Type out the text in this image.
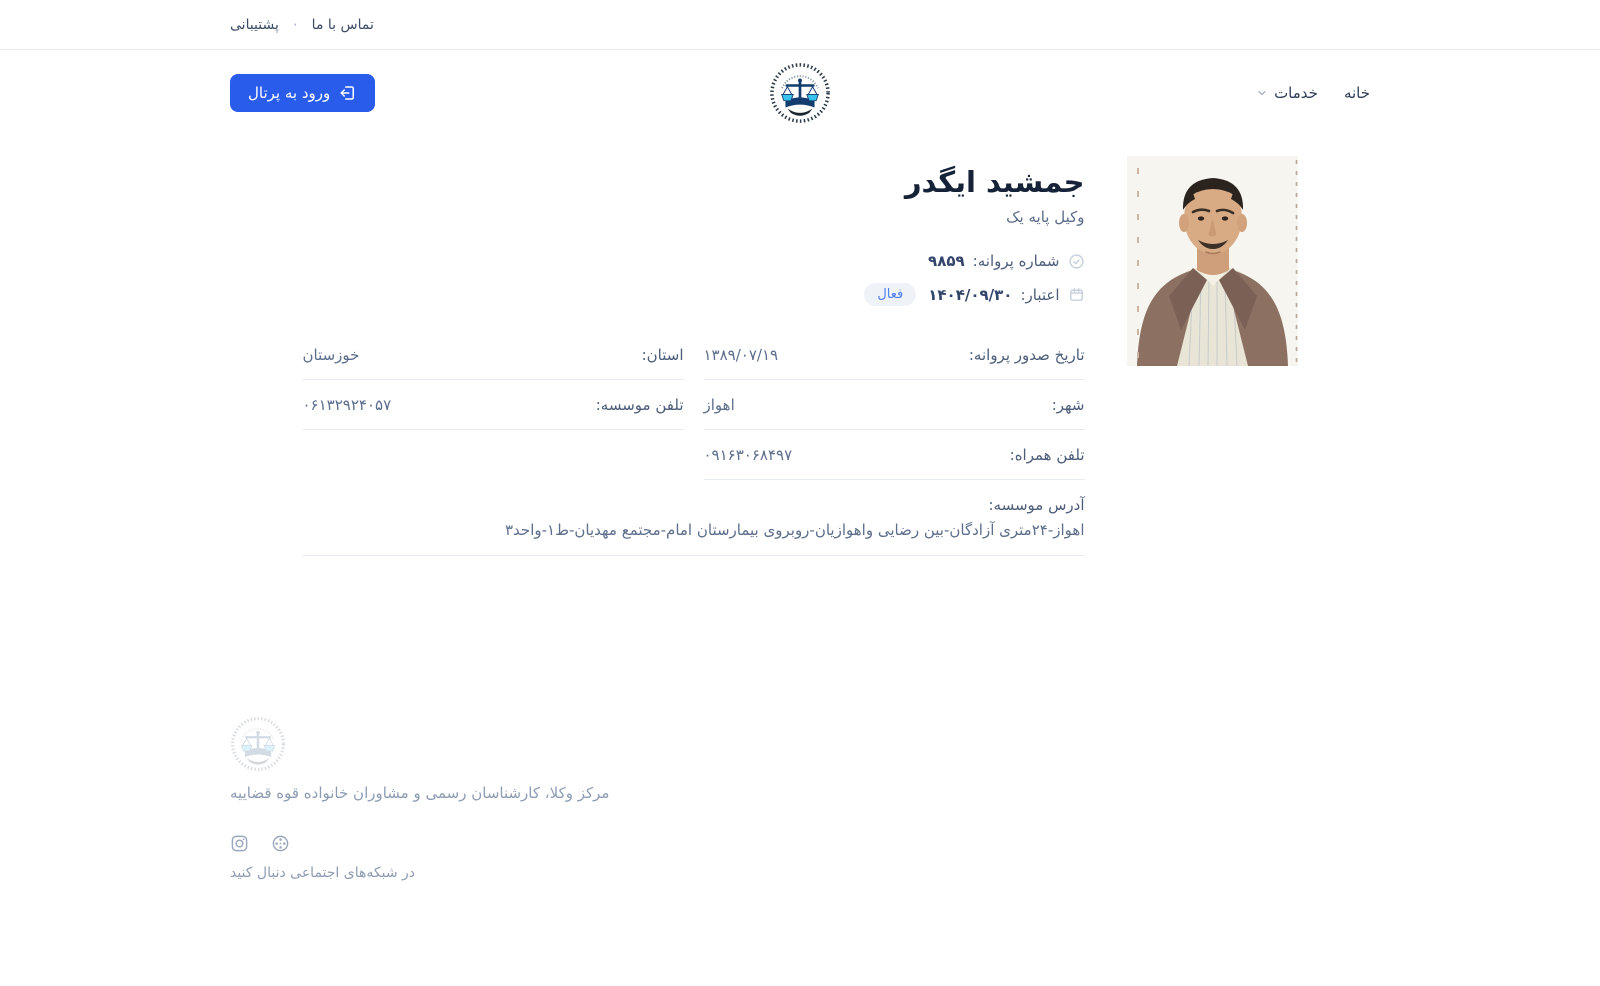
تماس با ما
·
پشتیبانی
خانه
خدمات
ورود به پرتال
جمشید ایگدر
وکیل پایه یک
شماره پروانه:
۹۸۵۹
اعتبار:
۱۴۰۴/۰۹/۳۰
فعال
تاریخ صدور پروانه:
۱۳۸۹/۰۷/۱۹
استان:
خوزستان
شهر:
اهواز
تلفن موسسه:
۰۶۱۳۲۹۲۴۰۵۷
تلفن همراه:
۰۹۱۶۳۰۶۸۴۹۷
آدرس موسسه:
اهواز-۲۴متری آزادگان-بین رضایی واهوازیان-روبروی بیمارستان امام-مجتمع مهدیان-ط۱-واحد۳
مرکز وکلا، کارشناسان رسمی و مشاوران خانواده قوه قضاییه
در شبکه‌های اجتماعی دنبال کنید
